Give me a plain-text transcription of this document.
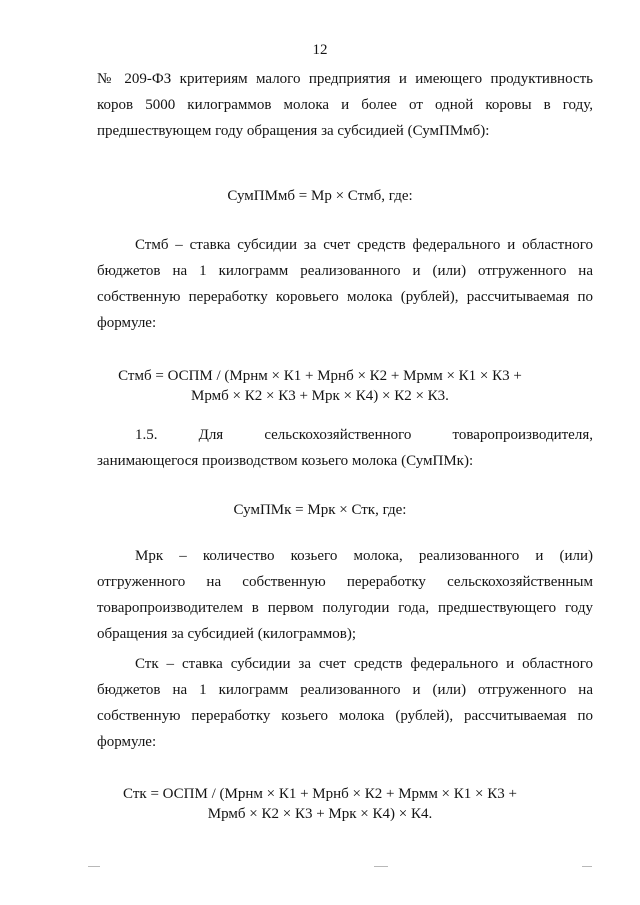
12

№ 209-ФЗ критериям малого предприятия и имеющего продуктивность коров 5000 килограммов молока и более от одной коровы в году, предшествующем году обращения за субсидией (СумПМмб):

СумПМмб = Мр × Стмб, где:

Стмб – ставка субсидии за счет средств федерального и областного бюджетов на 1 килограмм реализованного и (или) отгруженного на собственную переработку коровьего молока (рублей), рассчитываемая по формуле:

Стмб = ОСПМ / (Мрнм × К1 + Мрнб × К2 + Мрмм × К1 × К3 +
Мрмб × К2 × К3 + Мрк × К4) × К2 × К3.
1.5.	Для	сельскохозяйственного	товаропроизводителя,
занимающегося производством козьего молока (СумПМк):
СумПМк = Мрк × Стк, где:

Мрк – количество козьего молока, реализованного и (или) отгруженного на собственную переработку сельскохозяйственным товаропроизводителем в первом полугодии года, предшествующего году обращения за субсидией (килограммов);

Стк – ставка субсидии за счет средств федерального и областного бюджетов на 1 килограмм реализованного и (или) отгруженного на собственную переработку козьего молока (рублей), рассчитываемая по формуле:

Стк = ОСПМ / (Мрнм × К1 + Мрнб × К2 + Мрмм × К1 × К3 +
Мрмб × К2 × К3 + Мрк × К4) × К4.
